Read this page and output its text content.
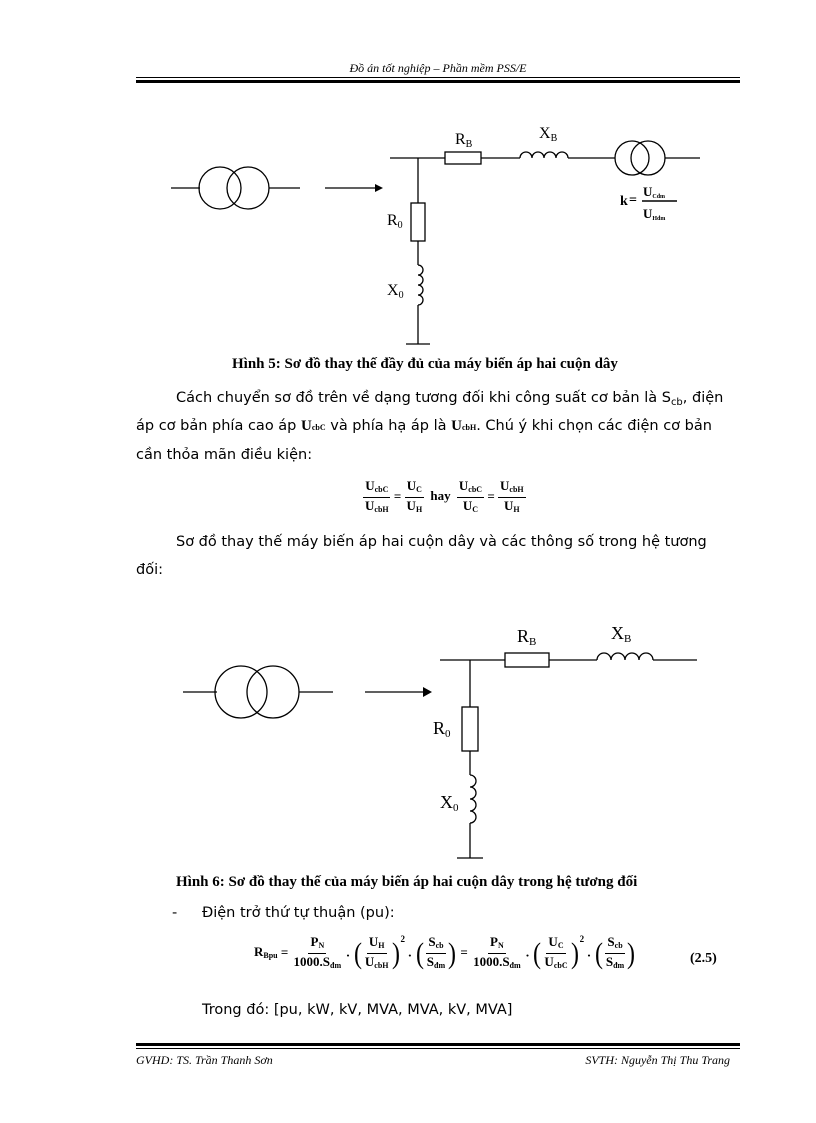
Đồ án tốt nghiệp – Phần mềm PSS/E
RB
XB
R0
X0
k =
UCđm
UHđm
Hình 5: Sơ đồ thay thế đầy đủ của máy biến áp hai cuộn dây
Cách chuyển sơ đồ trên về dạng tương đối khi công suất cơ bản là S $_{cb}$, điện
áp cơ bản phía cao áp UcbC và phía hạ áp là UcbH. Chú ý khi chọn các điện cơ bản
cần thỏa mãn điều kiện:
$\frac{U_{cbC}}{U_{cbH}} = \frac{U_C}{U_H}$ hay $\frac{U_{cbC}}{U_C} = \frac{U_{cbH}}{U_H}$
Sơ đồ thay thế máy biến áp hai cuộn dây và các thông số trong hệ tương
đối:
RB	XB
R0
X0
Hình 6: Sơ đồ thay thế của máy biến áp hai cuộn dây trong hệ tương đối
- Điện trở thứ tự thuận (pu):
$R_{Bpu} = \frac{P_N}{1000.S_{đm}}$ . ( $\frac{U_H}{U_{cbH}} )^2$
. ( $\frac{S_{cb}}{S_{đm}}$ ) = $\frac{P_N}{1000.S_{đm}}$ . ( $\frac{U_C}{U_{cbC}} )^2$
. ( $\frac{S_{cb}}{S_{đm}}$ )	(2.5)
Trong đó: [pu, kW, kV, MVA, MVA, kV, MVA]
GVHD: TS. Trần Thanh Sơn	SVTH: Nguyễn Thị Thu Trang
